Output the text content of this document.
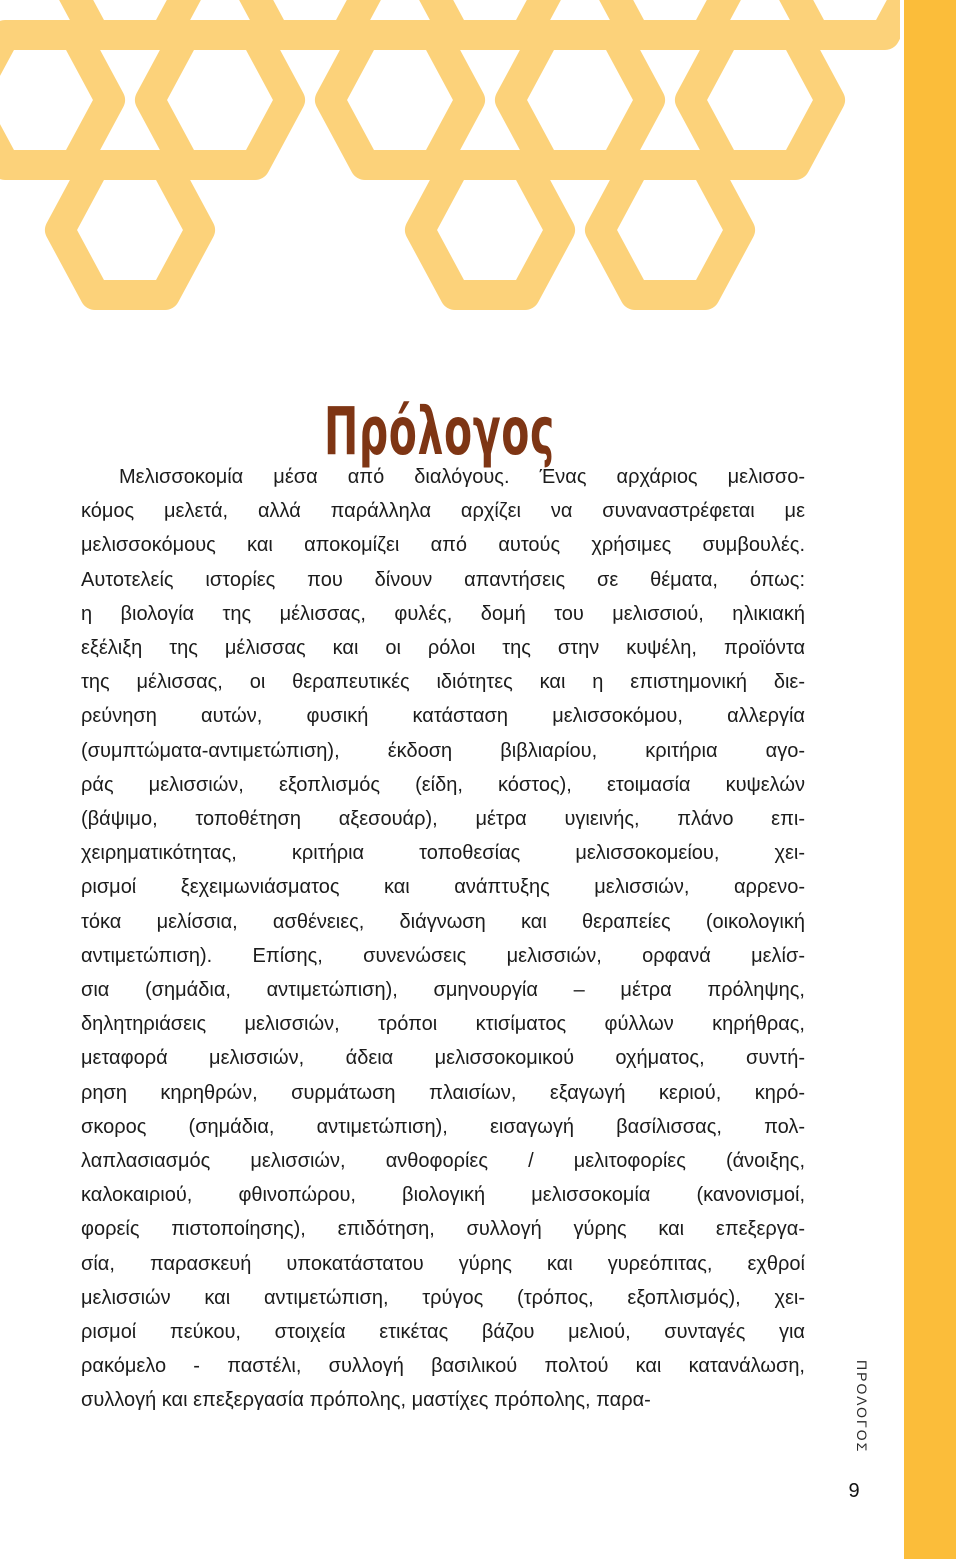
Πρόλογος
Μελισσοκομία μέσα από διαλόγους. Ένας αρχάριος μελισσο-
κόμος μελετά, αλλά παράλληλα αρχίζει να συναναστρέφεται με
μελισσοκόμους και αποκομίζει από αυτούς χρήσιμες συμβουλές.
Αυτοτελείς ιστορίες που δίνουν απαντήσεις σε θέματα, όπως:
η βιολογία της μέλισσας, φυλές, δομή του μελισσιού, ηλικιακή
εξέλιξη της μέλισσας και οι ρόλοι της στην κυψέλη, προϊόντα
της μέλισσας, οι θεραπευτικές ιδιότητες και η επιστημονική διε-
ρεύνηση αυτών, φυσική κατάσταση μελισσοκόμου, αλλεργία
(συμπτώματα-αντιμετώπιση), έκδοση βιβλιαρίου, κριτήρια αγο-
ράς μελισσιών, εξοπλισμός (είδη, κόστος), ετοιμασία κυψελών
(βάψιμο, τοποθέτηση αξεσουάρ), μέτρα υγιεινής, πλάνο επι-
χειρηματικότητας, κριτήρια τοποθεσίας μελισσοκομείου, χει-
ρισμοί ξεχειμωνιάσματος και ανάπτυξης μελισσιών, αρρενο-
τόκα μελίσσια, ασθένειες, διάγνωση και θεραπείες (οικολογική
αντιμετώπιση). Επίσης, συνενώσεις μελισσιών, ορφανά μελίσ-
σια (σημάδια, αντιμετώπιση), σμηνουργία – μέτρα πρόληψης,
δηλητηριάσεις μελισσιών, τρόποι κτισίματος φύλλων κηρήθρας,
μεταφορά μελισσιών, άδεια μελισσοκομικού οχήματος, συντή-
ρηση κηρηθρών, συρμάτωση πλαισίων, εξαγωγή κεριού, κηρό-
σκορος (σημάδια, αντιμετώπιση), εισαγωγή βασίλισσας, πολ-
λαπλασιασμός μελισσιών, ανθοφορίες / μελιτοφορίες (άνοιξης,
καλοκαιριού, φθινοπώρου, βιολογική μελισσοκομία (κανονισμοί,
φορείς πιστοποίησης), επιδότηση, συλλογή γύρης και επεξεργα-
σία, παρασκευή υποκατάστατου γύρης και γυρεόπιτας, εχθροί
μελισσιών και αντιμετώπιση, τρύγος (τρόπος, εξοπλισμός), χει-
ρισμοί πεύκου, στοιχεία ετικέτας βάζου μελιού, συνταγές για
ρακόμελο - παστέλι, συλλογή βασιλικού πολτού και κατανάλωση,
συλλογή και επεξεργασία πρόπολης, μαστίχες πρόπολης, παρα-	ΠΡΟΛΟΓΟΣ
9
